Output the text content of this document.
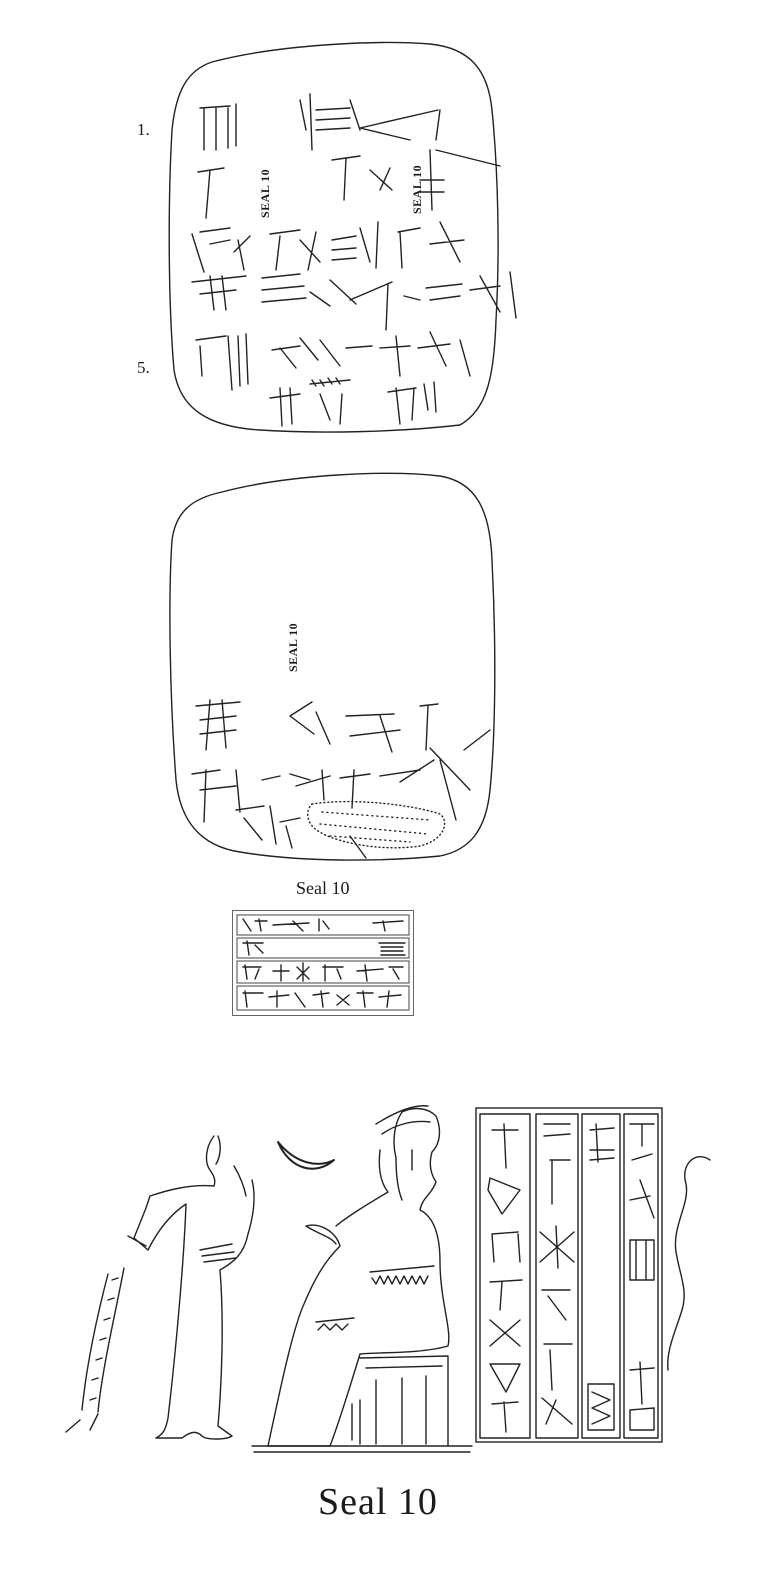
1.
5.
SEAL 10	SEAL 10
SEAL 10
Seal 10
Seal 10
